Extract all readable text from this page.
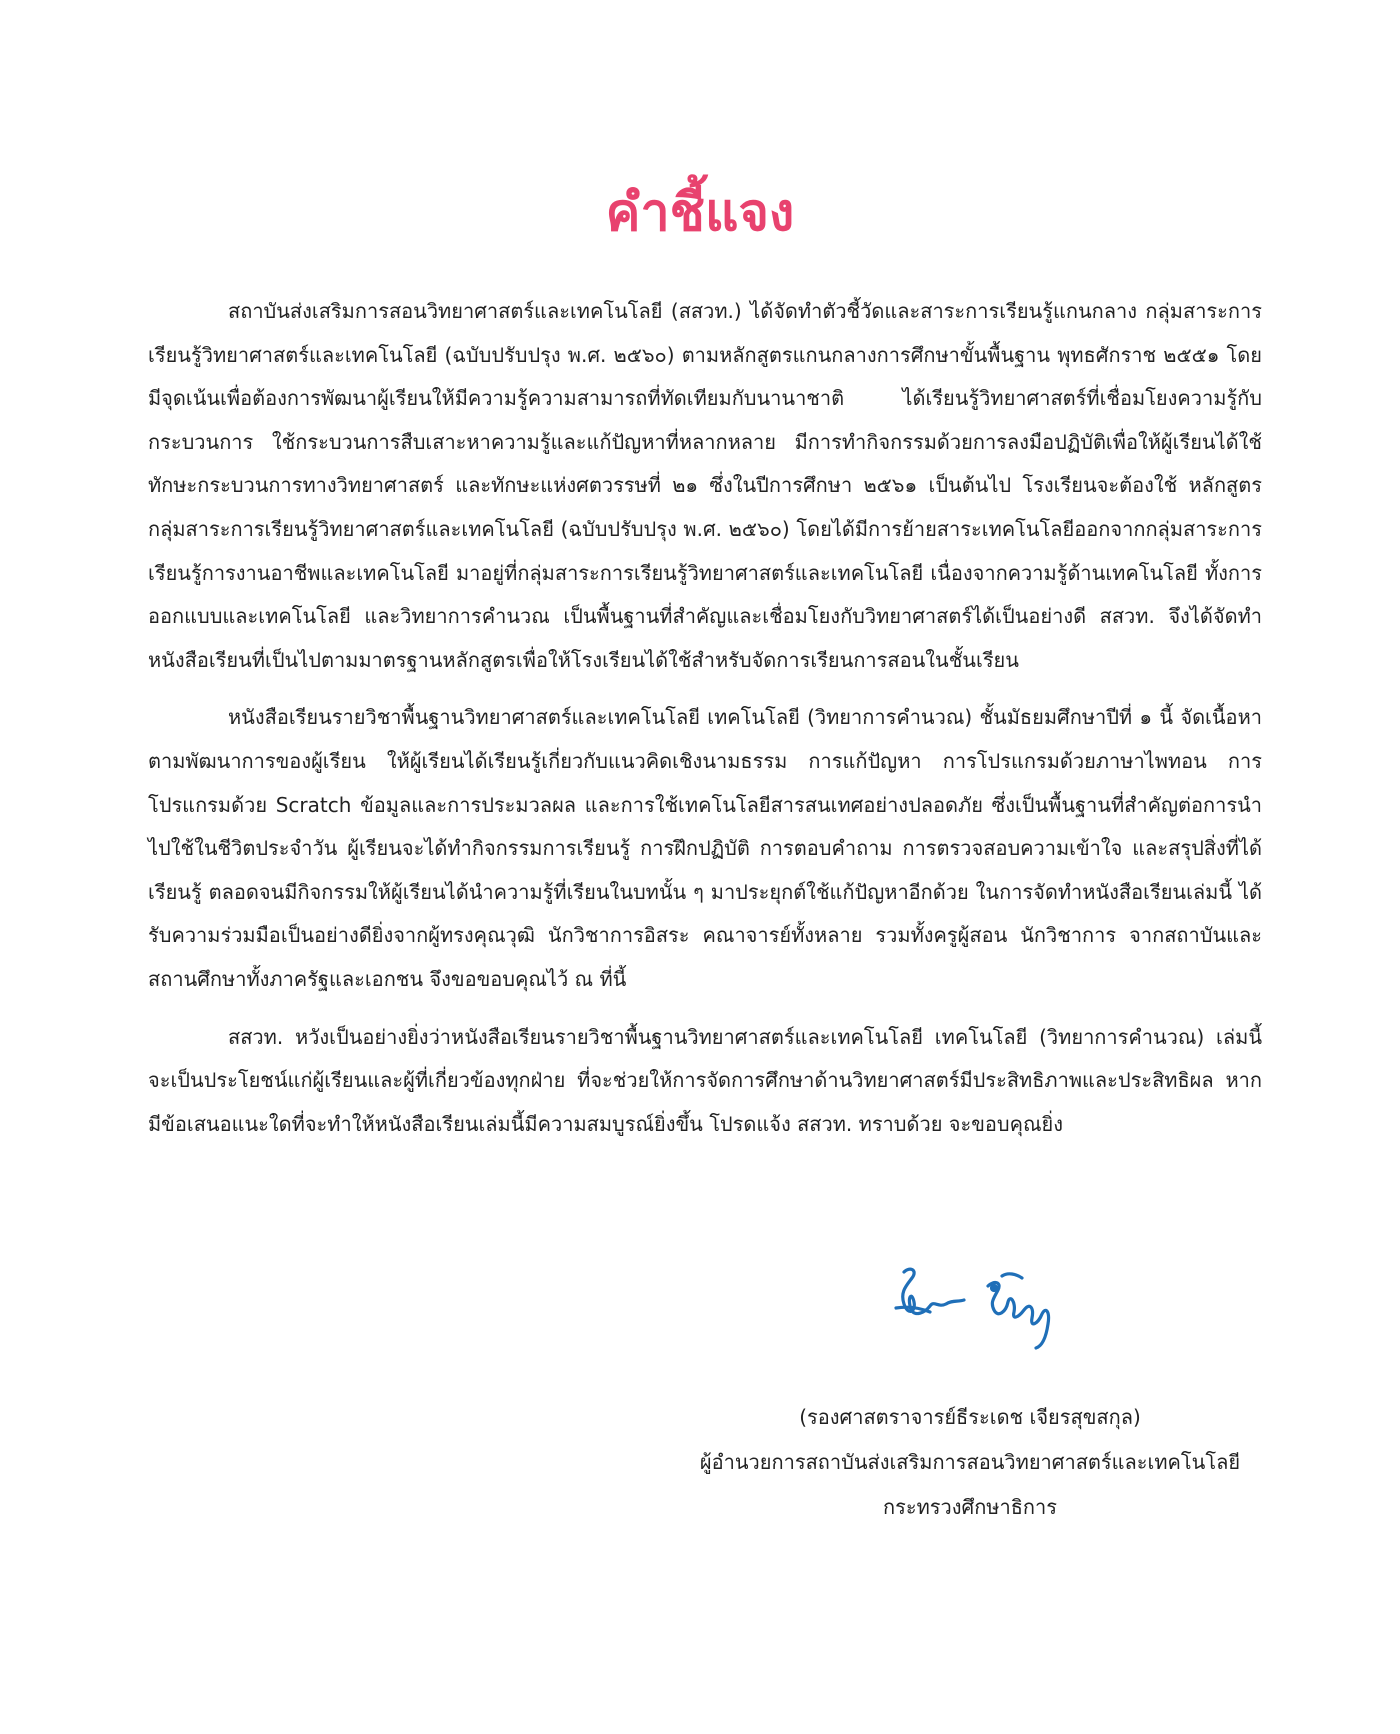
คำชี้แจง

สถาบันส่งเสริมการสอนวิทยาศาสตร์และเทคโนโลยี (สสวท.) ได้จัดทำตัวชี้วัดและสาระการเรียนรู้แกนกลาง กลุ่มสาระการเรียนรู้วิทยาศาสตร์และเทคโนโลยี (ฉบับปรับปรุง พ.ศ. ๒๕๖๐) ตามหลักสูตรแกนกลางการศึกษาขั้นพื้นฐาน พุทธศักราช ๒๕๕๑ โดยมีจุดเน้นเพื่อต้องการพัฒนาผู้เรียนให้มีความรู้ความสามารถที่ทัดเทียมกับนานาชาติ ได้เรียนรู้วิทยาศาสตร์ที่เชื่อมโยงความรู้กับกระบวนการ ใช้กระบวนการสืบเสาะหาความรู้และแก้ปัญหาที่หลากหลาย มีการทำกิจกรรมด้วยการลงมือปฏิบัติเพื่อให้ผู้เรียนได้ใช้ทักษะกระบวนการทางวิทยาศาสตร์ และทักษะแห่งศตวรรษที่ ๒๑ ซึ่งในปีการศึกษา ๒๕๖๑ เป็นต้นไป โรงเรียนจะต้องใช้ หลักสูตรกลุ่มสาระการเรียนรู้วิทยาศาสตร์และเทคโนโลยี (ฉบับปรับปรุง พ.ศ. ๒๕๖๐) โดยได้มีการย้ายสาระเทคโนโลยีออกจากกลุ่มสาระการเรียนรู้การงานอาชีพและเทคโนโลยี มาอยู่ที่กลุ่มสาระการเรียนรู้วิทยาศาสตร์และเทคโนโลยี เนื่องจากความรู้ด้านเทคโนโลยี ทั้งการออกแบบและเทคโนโลยี และวิทยาการคำนวณ เป็นพื้นฐานที่สำคัญและเชื่อมโยงกับวิทยาศาสตร์ได้เป็นอย่างดี สสวท. จึงได้จัดทำหนังสือเรียนที่เป็นไปตามมาตรฐานหลักสูตรเพื่อให้โรงเรียนได้ใช้สำหรับจัดการเรียนการสอนในชั้นเรียน

หนังสือเรียนรายวิชาพื้นฐานวิทยาศาสตร์และเทคโนโลยี เทคโนโลยี (วิทยาการคำนวณ) ชั้นมัธยมศึกษาปีที่ ๑ นี้ จัดเนื้อหาตามพัฒนาการของผู้เรียน ให้ผู้เรียนได้เรียนรู้เกี่ยวกับแนวคิดเชิงนามธรรม การแก้ปัญหา การโปรแกรมด้วยภาษาไพทอน การโปรแกรมด้วย Scratch ข้อมูลและการประมวลผล และการใช้เทคโนโลยีสารสนเทศอย่างปลอดภัย ซึ่งเป็นพื้นฐานที่สำคัญต่อการนำไปใช้ในชีวิตประจำวัน ผู้เรียนจะได้ทำกิจกรรมการเรียนรู้ การฝึกปฏิบัติ การตอบคำถาม การตรวจสอบความเข้าใจ และสรุปสิ่งที่ได้เรียนรู้ ตลอดจนมีกิจกรรมให้ผู้เรียนได้นำความรู้ที่เรียนในบทนั้น ๆ มาประยุกต์ใช้แก้ปัญหาอีกด้วย ในการจัดทำหนังสือเรียนเล่มนี้ ได้รับความร่วมมือเป็นอย่างดียิ่งจากผู้ทรงคุณวุฒิ นักวิชาการอิสระ คณาจารย์ทั้งหลาย รวมทั้งครูผู้สอน นักวิชาการ จากสถาบันและสถานศึกษาทั้งภาครัฐและเอกชน จึงขอขอบคุณไว้ ณ ที่นี้

สสวท. หวังเป็นอย่างยิ่งว่าหนังสือเรียนรายวิชาพื้นฐานวิทยาศาสตร์และเทคโนโลยี เทคโนโลยี (วิทยาการคำนวณ) เล่มนี้จะเป็นประโยชน์แก่ผู้เรียนและผู้ที่เกี่ยวข้องทุกฝ่าย ที่จะช่วยให้การจัดการศึกษาด้านวิทยาศาสตร์มีประสิทธิภาพและประสิทธิผล หากมีข้อเสนอแนะใดที่จะทำให้หนังสือเรียนเล่มนี้มีความสมบูรณ์ยิ่งขึ้น โปรดแจ้ง สสวท. ทราบด้วย จะขอบคุณยิ่ง

(รองศาสตราจารย์ธีระเดช เจียรสุขสกุล)
ผู้อำนวยการสถาบันส่งเสริมการสอนวิทยาศาสตร์และเทคโนโลยี
กระทรวงศึกษาธิการ
